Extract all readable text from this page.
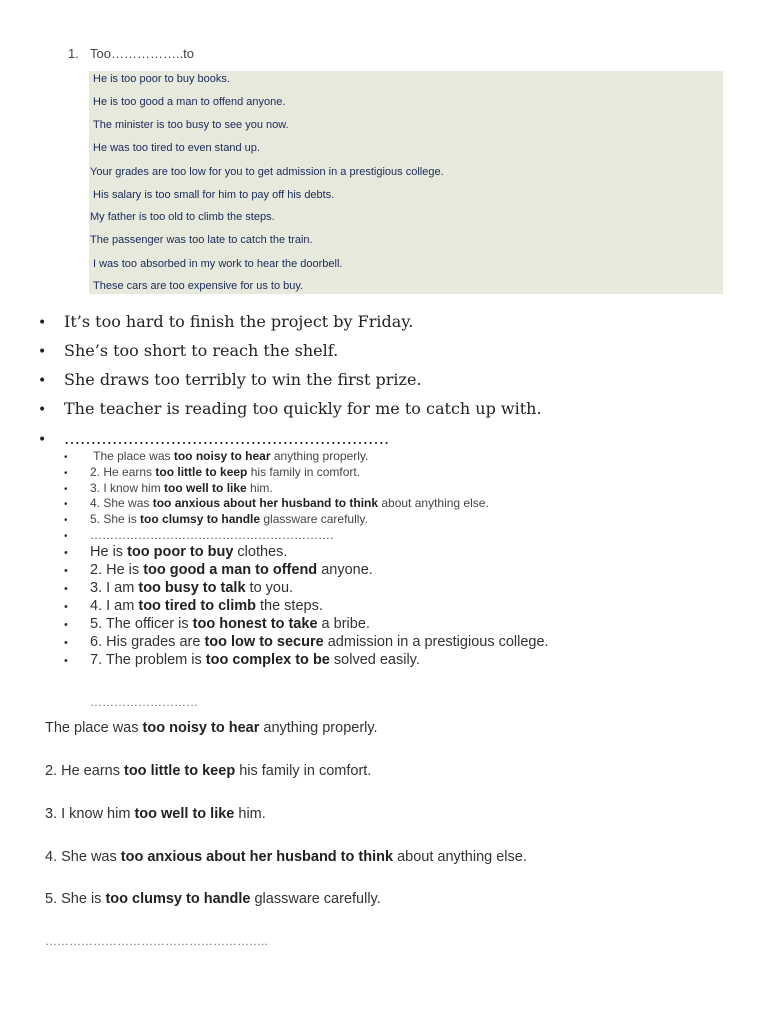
1. Too……………..to
He is too poor to buy books.
He is too good a man to offend anyone.
The minister is too busy to see you now.
He was too tired to even stand up.
Your grades are too low for you to get admission in a prestigious college.
His salary is too small for him to pay off his debts.
My father is too old to climb the steps.
The passenger was too late to catch the train.
I was too absorbed in my work to hear the doorbell.
These cars are too expensive for us to buy.
• It’s too hard to finish the project by Friday.
• She’s too short to reach the shelf.
• She draws too terribly to win the first prize.
• The teacher is reading too quickly for me to catch up with.
• …………………………………………………….
• The place was too noisy to hear anything properly.
• 2. He earns too little to keep his family in comfort.
• 3. I know him too well to like him.
• 4. She was too anxious about her husband to think about anything else.
• 5. She is too clumsy to handle glassware carefully.
• …………………………………………………….
• He is too poor to buy clothes.
• 2. He is too good a man to offend anyone.
• 3. I am too busy to talk to you.
• 4. I am too tired to climb the steps.
• 5. The officer is too honest to take a bribe.
• 6. His grades are too low to secure admission in a prestigious college.
• 7. The problem is too complex to be solved easily.
………………………
The place was too noisy to hear anything properly.
2. He earns too little to keep his family in comfort.
3. I know him too well to like him.
4. She was too anxious about her husband to think about anything else.
5. She is too clumsy to handle glassware carefully.
………………………………………………..
